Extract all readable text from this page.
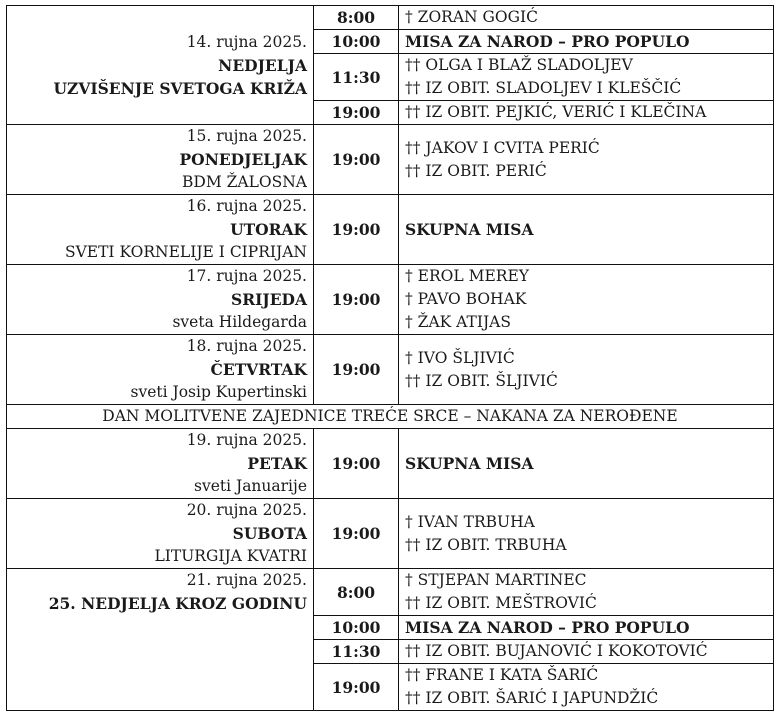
14. rujna 2025.
NEDJELJA
UZVIŠENJE SVETOGA KRIŽA	8:00	† ZORAN GOGIĆ

	10:00	MISA ZA NAROD – PRO POPULO

	11:30	†† OLGA I BLAŽ SLADOLJEV
†† IZ OBIT. SLADOLJEV I KLEŠČIĆ

	19:00	†† IZ OBIT. PEJKIĆ, VERIĆ I KLEČINA

15. rujna 2025.
PONEDJELJAK
BDM ŽALOSNA	19:00	†† JAKOV I CVITA PERIĆ
†† IZ OBIT. PERIĆ

16. rujna 2025.
UTORAK
SVETI KORNELIJE I CIPRIJAN	19:00	SKUPNA MISA

17. rujna 2025.
SRIJEDA
sveta Hildegarda	19:00	† EROL MEREY
† PAVO BOHAK
† ŽAK ATIJAS

18. rujna 2025.
ČETVRTAK
sveti Josip Kupertinski	19:00	† IVO ŠLJIVIĆ
†† IZ OBIT. ŠLJIVIĆ

DAN MOLITVENE ZAJEDNICE TREĆE SRCE – NAKANA ZA NEROĐENE		

19. rujna 2025.
PETAK
sveti Januarije	19:00	SKUPNA MISA

20. rujna 2025.
SUBOTA
LITURGIJA KVATRI	19:00	† IVAN TRBUHA
†† IZ OBIT. TRBUHA

21. rujna 2025.
25. NEDJELJA KROZ GODINU	8:00	† STJEPAN MARTINEC
†† IZ OBIT. MEŠTROVIĆ

	10:00	MISA ZA NAROD – PRO POPULO

	11:30	†† IZ OBIT. BUJANOVIĆ I KOKOTOVIĆ

	19:00	†† FRANE I KATA ŠARIĆ
†† IZ OBIT. ŠARIĆ I JAPUNDŽIĆ
